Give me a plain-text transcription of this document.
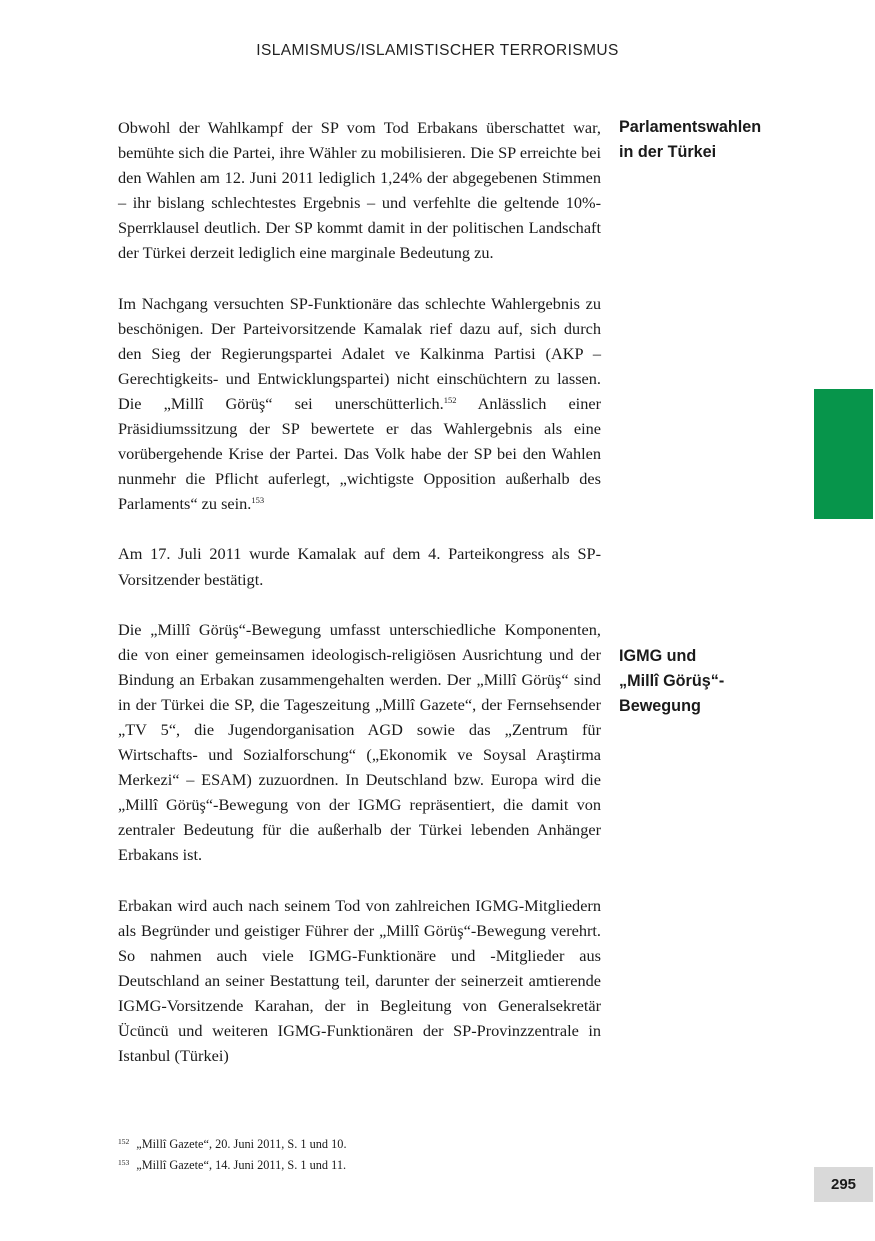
ISLAMISMUS/ISLAMISTISCHER TERRORISMUS
Parlamentswahlen
in der Türkei
IGMG und
„Millî Görüş“-
Bewegung

Obwohl der Wahlkampf der SP vom Tod Erbakans überschattet war, bemühte sich die Partei, ihre Wähler zu mobilisieren. Die SP erreichte bei den Wahlen am 12. Juni 2011 lediglich 1,24% der abgegebenen Stimmen – ihr bislang schlechtestes Ergebnis – und verfehlte die geltende 10%-Sperrklausel deutlich. Der SP kommt damit in der politischen Landschaft der Türkei derzeit lediglich eine marginale Bedeutung zu.

Im Nachgang versuchten SP-Funktionäre das schlechte Wahlergebnis zu beschönigen. Der Parteivorsitzende Kamalak rief dazu auf, sich durch den Sieg der Regierungspartei Adalet ve Kalkinma Partisi (AKP – Gerechtigkeits- und Entwicklungspartei) nicht einschüchtern zu lassen. Die „Millî Görüş“ sei unerschütterlich.$^{152}$ Anlässlich einer Präsidiumssitzung der SP bewertete er das Wahlergebnis als eine vorübergehende Krise der Partei. Das Volk habe der SP bei den Wahlen nunmehr die Pflicht auferlegt, „wichtigste Opposition außerhalb des Parlaments“ zu sein.$^{153}$

Am 17. Juli 2011 wurde Kamalak auf dem 4. Parteikongress als SP-Vorsitzender bestätigt.

Die „Millî Görüş“-Bewegung umfasst unterschiedliche Komponenten, die von einer gemeinsamen ideologisch-religiösen Ausrichtung und der Bindung an Erbakan zusammengehalten werden. Der „Millî Görüş“ sind in der Türkei die SP, die Tageszeitung „Millî Gazete“, der Fernsehsender „TV 5“, die Jugendorganisation AGD sowie das „Zentrum für Wirtschafts- und Sozialforschung“ („Ekonomik ve Soysal Araştirma Merkezi“ – ESAM) zuzuordnen. In Deutschland bzw. Europa wird die „Millî Görüş“-Bewegung von der IGMG repräsentiert, die damit von zentraler Bedeutung für die außerhalb der Türkei lebenden Anhänger Erbakans ist.

Erbakan wird auch nach seinem Tod von zahlreichen IGMG-Mitgliedern als Begründer und geistiger Führer der „Millî Görüş“-Bewegung verehrt. So nahmen auch viele IGMG-Funktionäre und -Mitglieder aus Deutschland an seiner Bestattung teil, darunter der seinerzeit amtierende IGMG-Vorsitzende Karahan, der in Begleitung von Generalsekretär Ücüncü und weiteren IGMG-Funktionären der SP-Provinzzentrale in Istanbul (Türkei)

$^{152}$ „Millî Gazete“, 20. Juni 2011, S. 1 und 10.
$^{153}$ „Millî Gazete“, 14. Juni 2011, S. 1 und 11.
295
